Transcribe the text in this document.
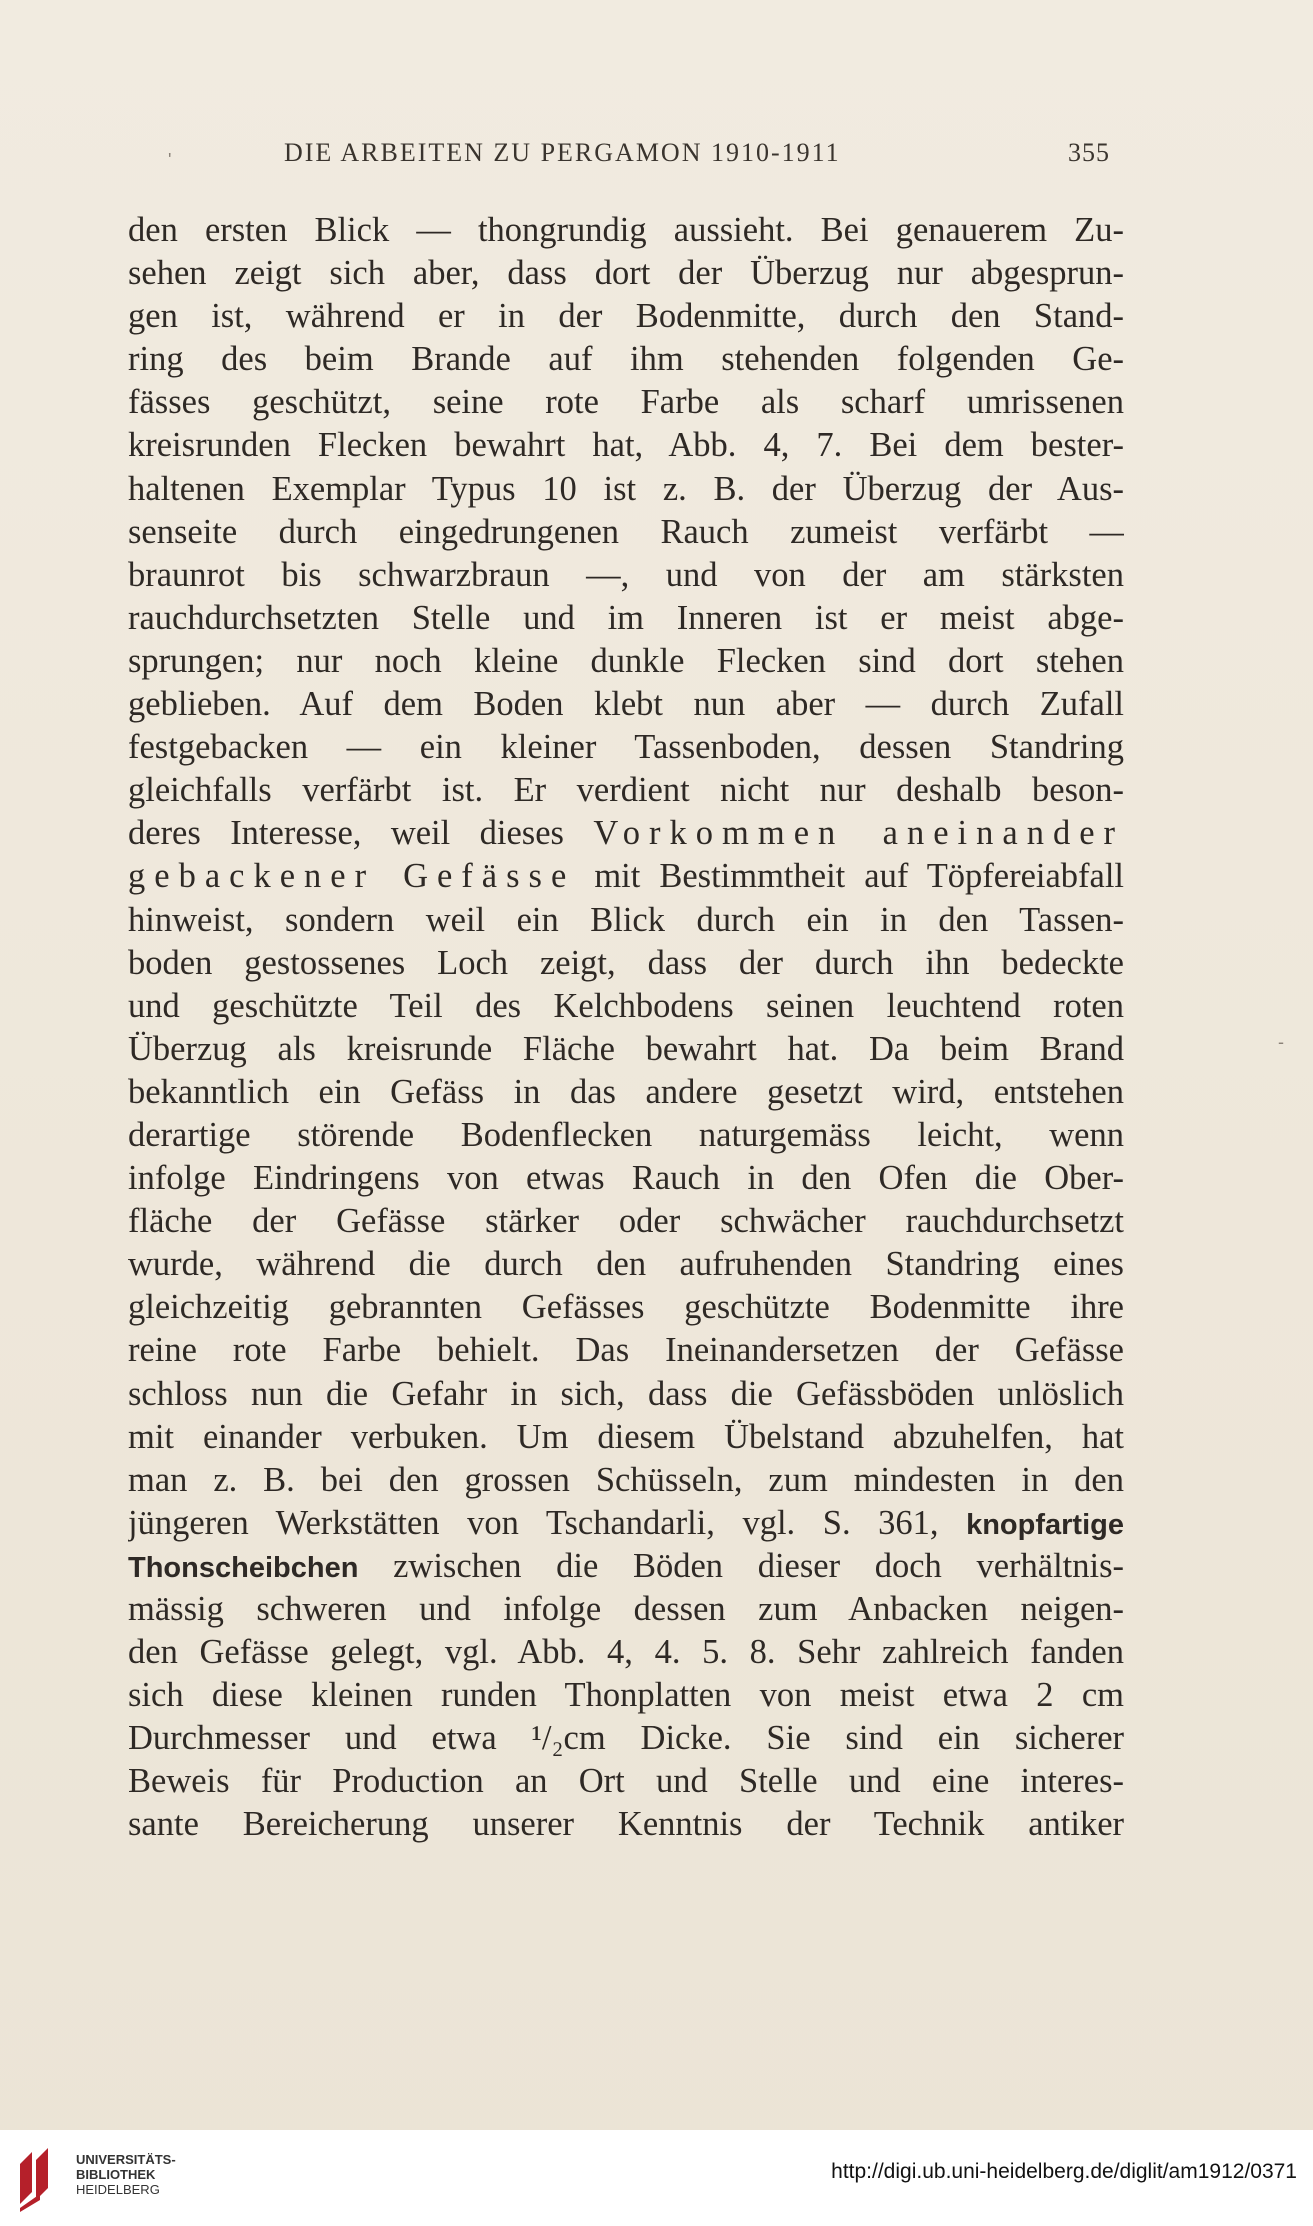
DIE ARBEITEN ZU PERGAMON 1910-1911	355
'
-
den ersten Blick — thongrundig aussieht. Bei genauerem Zu-
sehen zeigt sich aber, dass dort der Überzug nur abgesprun-
gen ist, während er in der Bodenmitte, durch den Stand-
ring des beim Brande auf ihm stehenden folgenden Ge-
fässes geschützt, seine rote Farbe als scharf umrissenen
kreisrunden Flecken bewahrt hat, Abb. 4, 7. Bei dem bester-
haltenen Exemplar Typus 10 ist z. B. der Überzug der Aus-
senseite durch eingedrungenen Rauch zumeist verfärbt —
braunrot bis schwarzbraun —, und von der am stärksten
rauchdurchsetzten Stelle und im Inneren ist er meist abge-
sprungen; nur noch kleine dunkle Flecken sind dort stehen
geblieben. Auf dem Boden klebt nun aber — durch Zufall
festgebacken — ein kleiner Tassenboden, dessen Standring
gleichfalls verfärbt ist. Er verdient nicht nur deshalb beson-
deres Interesse, weil dieses Vorkommen aneinander
gebackener Gefässe mit Bestimmtheit auf Töpfereiabfall
hinweist, sondern weil ein Blick durch ein in den Tassen-
boden gestossenes Loch zeigt, dass der durch ihn bedeckte
und geschützte Teil des Kelchbodens seinen leuchtend roten
Überzug als kreisrunde Fläche bewahrt hat. Da beim Brand
bekanntlich ein Gefäss in das andere gesetzt wird, entstehen
derartige störende Bodenflecken naturgemäss leicht, wenn
infolge Eindringens von etwas Rauch in den Ofen die Ober-
fläche der Gefässe stärker oder schwächer rauchdurchsetzt
wurde, während die durch den aufruhenden Standring eines
gleichzeitig gebrannten Gefässes geschützte Bodenmitte ihre
reine rote Farbe behielt. Das Ineinandersetzen der Gefässe
schloss nun die Gefahr in sich, dass die Gefässböden unlöslich
mit einander verbuken. Um diesem Übelstand abzuhelfen, hat
man z. B. bei den grossen Schüsseln, zum mindesten in den
jüngeren Werkstätten von Tschandarli, vgl. S. 361, knopfartige
Thonscheibchen zwischen die Böden dieser doch verhältnis-
mässig schweren und infolge dessen zum Anbacken neigen-
den Gefässe gelegt, vgl. Abb. 4, 4. 5. 8. Sehr zahlreich fanden
sich diese kleinen runden Thonplatten von meist etwa 2 cm
Durchmesser und etwa ¹/₂cm Dicke. Sie sind ein sicherer
Beweis für Production an Ort und Stelle und eine interes-
sante Bereicherung unserer Kenntnis der Technik antiker
UNIVERSITÄTS-
BIBLIOTHEK
HEIDELBERG
http://digi.ub.uni-heidelberg.de/diglit/am1912/0371
